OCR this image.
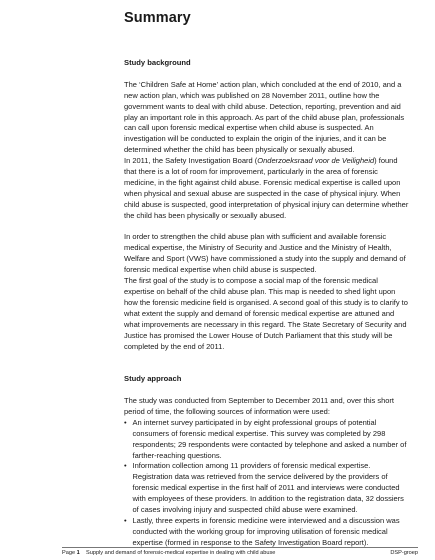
Summary
Study background

The ‘Children Safe at Home’ action plan, which concluded at the end of 2010, and a new action plan, which was published on 28 November 2011, outline how the government wants to deal with child abuse. Detection, reporting, prevention and aid play an important role in this approach. As part of the child abuse plan, professionals can call upon forensic medical expertise when child abuse is suspected. An investigation will be conducted to explain the origin of the injuries, and it can be determined whether the child has been physically or sexually abused.

In 2011, the Safety Investigation Board (Onderzoeksraad voor de Veiligheid) found that there is a lot of room for improvement, particularly in the area of forensic medicine, in the fight against child abuse. Forensic medical expertise is called upon when physical and sexual abuse are suspected in the case of physical injury. When child abuse is suspected, good interpretation of physical injury can determine whether the child has been physically or sexually abused.

In order to strengthen the child abuse plan with sufficient and available forensic medical expertise, the Ministry of Security and Justice and the Ministry of Health, Welfare and Sport (VWS) have commissioned a study into the supply and demand of forensic medical expertise when child abuse is suspected.

The first goal of the study is to compose a social map of the forensic medical expertise on behalf of the child abuse plan. This map is needed to shed light upon how the forensic medicine field is organised. A second goal of this study is to clarify to what extent the supply and demand of forensic medical expertise are attuned and what improvements are necessary in this regard. The State Secretary of Security and Justice has promised the Lower House of Dutch Parliament that this study will be completed by the end of 2011.

Study approach

The study was conducted from September to December 2011 and, over this short period of time, the following sources of information were used:

• An internet survey participated in by eight professional groups of potential consumers of forensic medical expertise. This survey was completed by 298 respondents; 29 respondents were contacted by telephone and asked a number of farther-reaching questions.
• Information collection among 11 providers of forensic medical expertise. Registration data was retrieved from the service delivered by the providers of forensic medical expertise in the first half of 2011 and interviews were conducted with employees of these providers. In addition to the registration data, 32 dossiers of cases involving injury and suspected child abuse were examined.
• Lastly, three experts in forensic medicine were interviewed and a discussion was conducted with the working group for improving utilisation of forensic medical expertise (formed in response to the Safety Investigation Board report).
Page 1 Supply and demand of forensic-medical expertise in dealing with child abuse	DSP-groep
